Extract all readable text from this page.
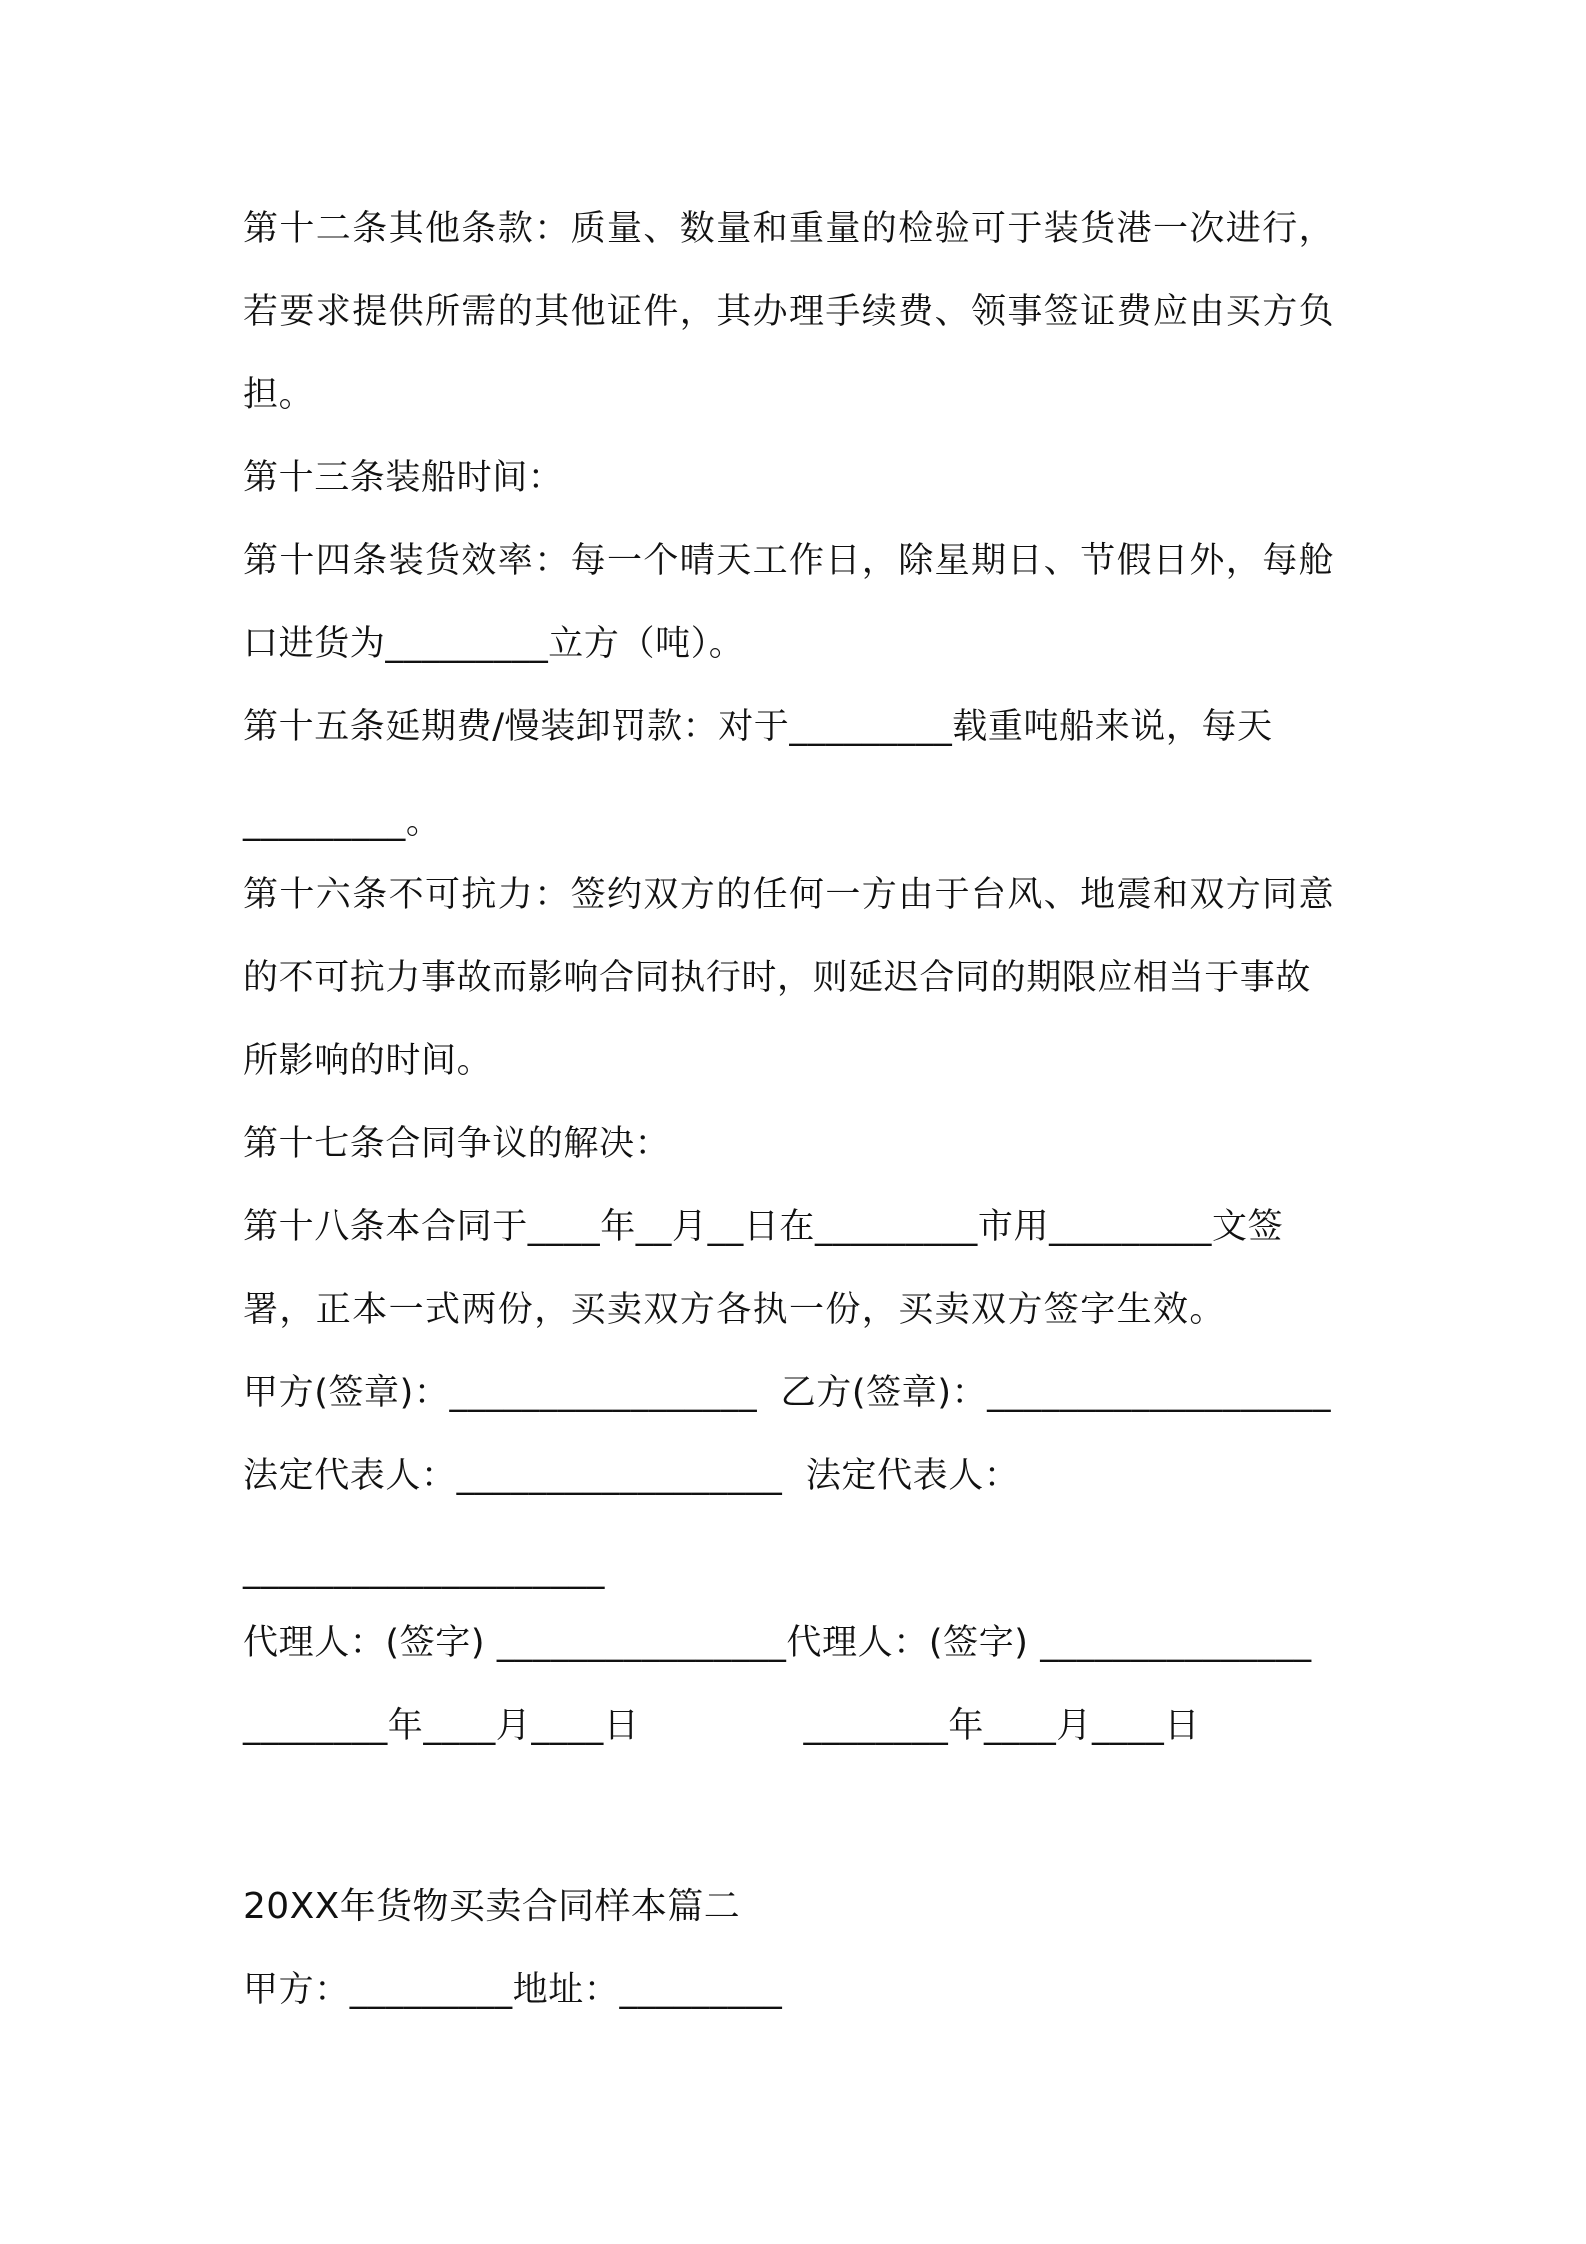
第十二条其他条款：质量、数量和重量的检验可于装货港一次进行，
若要求提供所需的其他证件，其办理手续费、领事签证费应由买方负
担。
第十三条装船时间：
第十四条装货效率：每一个晴天工作日，除星期日、节假日外，每舱
口进货为_________立方（吨）。
第十五条延期费/慢装卸罚款：对于_________载重吨船来说，每天
_________。
第十六条不可抗力：签约双方的任何一方由于台风、地震和双方同意
的不可抗力事故而影响合同执行时，则延迟合同的期限应相当于事故
所影响的时间。
第十七条合同争议的解决：
第十八条本合同于____年__月__日在_________市用_________文签
署，正本一式两份，买卖双方各执一份，买卖双方签字生效。
甲方(签章)：_________________  乙方(签章)：___________________
法定代表人：__________________  法定代表人：
____________________
代理人：(签字) ________________代理人：(签字) _______________
________年____月____日              ________年____月____日
20XX年货物买卖合同样本篇二
甲方：_________地址：_________
